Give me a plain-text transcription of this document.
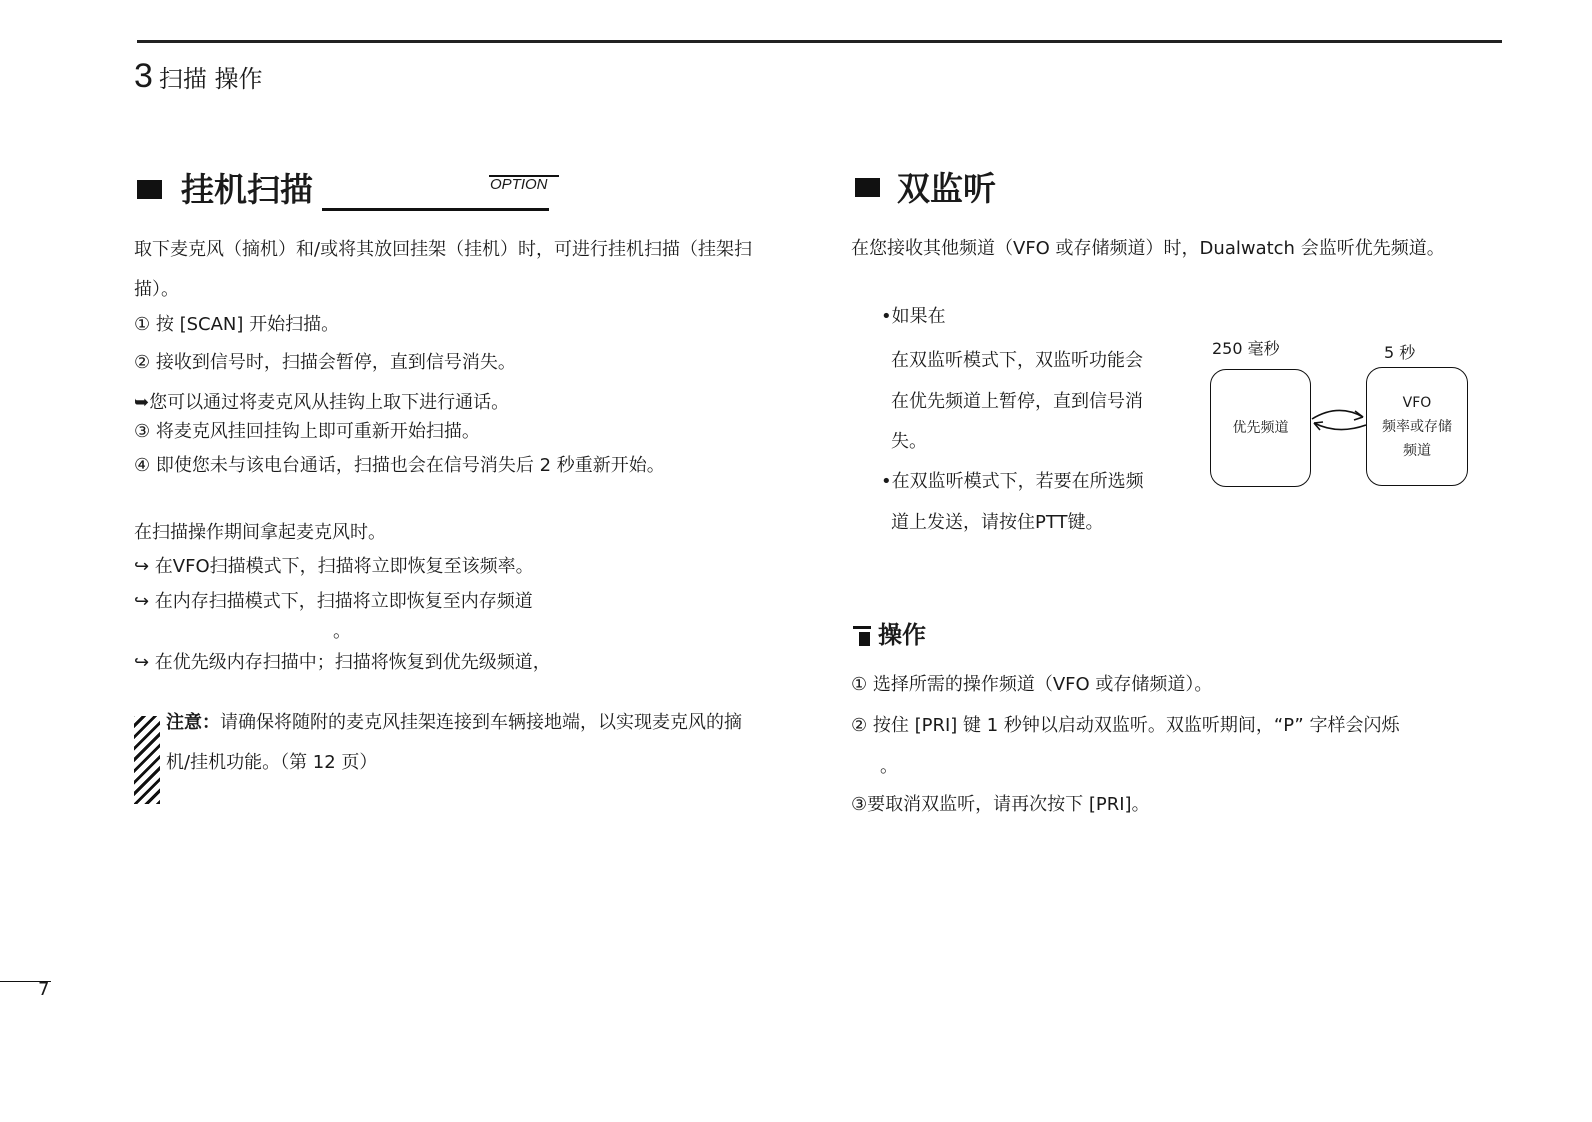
3 扫描 操作
挂机扫描	OPTION
取下麦克风（摘机）和/或将其放回挂架（挂机）时，可进行挂机扫描（挂架扫
描）。
① 按 [SCAN] 开始扫描。
② 接收到信号时，扫描会暂停，直到信号消失。
➥您可以通过将麦克风从挂钩上取下进行通话。
③ 将麦克风挂回挂钩上即可重新开始扫描。
④ 即使您未与该电台通话，扫描也会在信号消失后 2 秒重新开始。
在扫描操作期间拿起麦克风时。
↪ 在VFO扫描模式下，扫描将立即恢复至该频率。
↪ 在内存扫描模式下，扫描将立即恢复至内存频道
。
↪ 在优先级内存扫描中；扫描将恢复到优先级频道，
注意：请确保将随附的麦克风挂架连接到车辆接地端，以实现麦克风的摘
机/挂机功能。（第 12 页）
双监听
在您接收其他频道（VFO 或存储频道）时，Dualwatch 会监听优先频道。
•如果在
在双监听模式下，双监听功能会
在优先频道上暂停，直到信号消
失。
•在双监听模式下，若要在所选频
道上发送，请按住PTT键。
250 毫秒	5 秒
优先频道
VFO
频率或存储
频道
操作
① 选择所需的操作频道（VFO 或存储频道）。
② 按住 [PRI] 键 1 秒钟以启动双监听。双监听期间，“P” 字样会闪烁
。
③要取消双监听，请再次按下 [PRI]。
7
